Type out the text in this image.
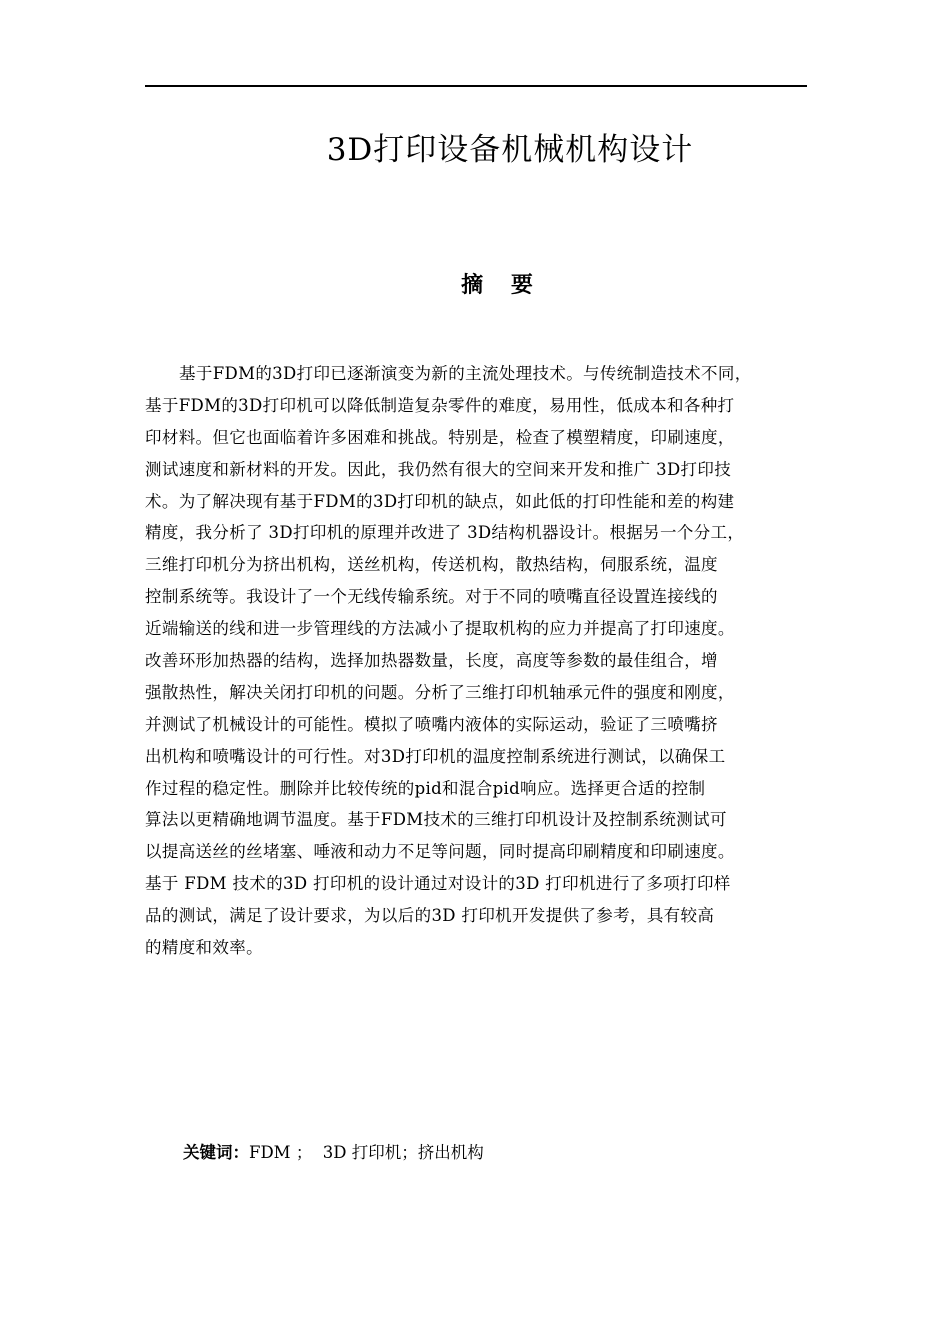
3D打印设备机械机构设计
摘 要
基于FDM的3D打印已逐渐演变为新的主流处理技术。与传统制造技术不同，
基于FDM的3D打印机可以降低制造复杂零件的难度，易用性，低成本和各种打
印材料。但它也面临着许多困难和挑战。特别是，检查了模塑精度，印刷速度，
测试速度和新材料的开发。因此，我仍然有很大的空间来开发和推广 3D打印技
术。为了解决现有基于FDM的3D打印机的缺点，如此低的打印性能和差的构建
精度，我分析了 3D打印机的原理并改进了 3D结构机器设计。根据另一个分工，
三维打印机分为挤出机构，送丝机构，传送机构，散热结构，伺服系统，温度
控制系统等。我设计了一个无线传输系统。对于不同的喷嘴直径设置连接线的
近端输送的线和进一步管理线的方法减小了提取机构的应力并提高了打印速度。
改善环形加热器的结构，选择加热器数量，长度，高度等参数的最佳组合，增
强散热性，解决关闭打印机的问题。分析了三维打印机轴承元件的强度和刚度，
并测试了机械设计的可能性。模拟了喷嘴内液体的实际运动，验证了三喷嘴挤
出机构和喷嘴设计的可行性。对3D打印机的温度控制系统进行测试，以确保工
作过程的稳定性。删除并比较传统的pid和混合pid响应。选择更合适的控制
算法以更精确地调节温度。基于FDM技术的三维打印机设计及控制系统测试可
以提高送丝的丝堵塞、唾液和动力不足等问题，同时提高印刷精度和印刷速度。
基于 FDM 技术的3D 打印机的设计通过对设计的3D 打印机进行了多项打印样
品的测试，满足了设计要求，为以后的3D 打印机开发提供了参考，具有较高
的精度和效率。
关键词：FDM ；  3D 打印机；挤出机构
